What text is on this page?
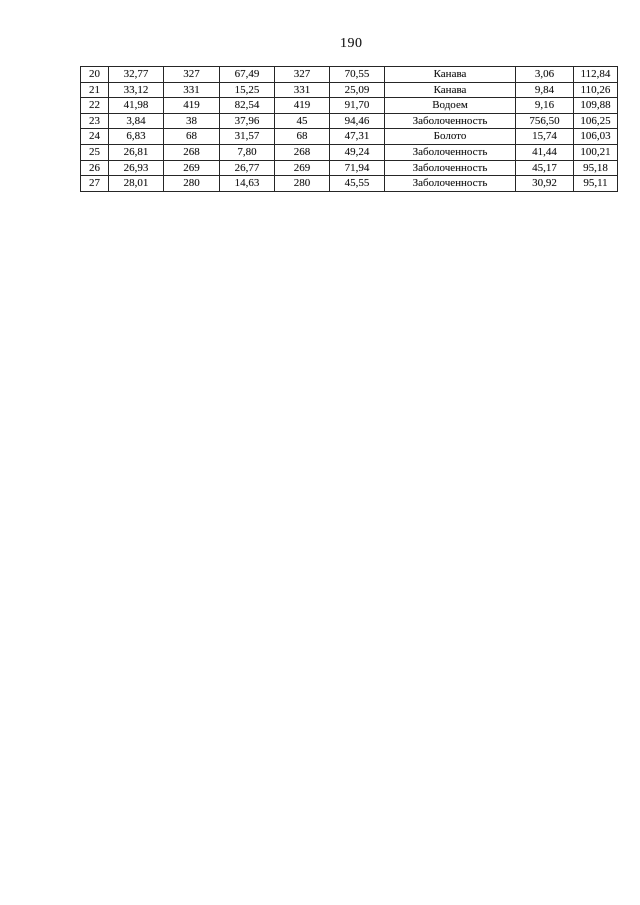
190
20	32,77	327	67,49	327	70,55	Канава	3,06	112,84
21	33,12	331	15,25	331	25,09	Канава	9,84	110,26
22	41,98	419	82,54	419	91,70	Водоем	9,16	109,88
23	3,84	38	37,96	45	94,46	Заболоченность	756,50	106,25
24	6,83	68	31,57	68	47,31	Болото	15,74	106,03
25	26,81	268	7,80	268	49,24	Заболоченность	41,44	100,21
26	26,93	269	26,77	269	71,94	Заболоченность	45,17	95,18
27	28,01	280	14,63	280	45,55	Заболоченность	30,92	95,11
